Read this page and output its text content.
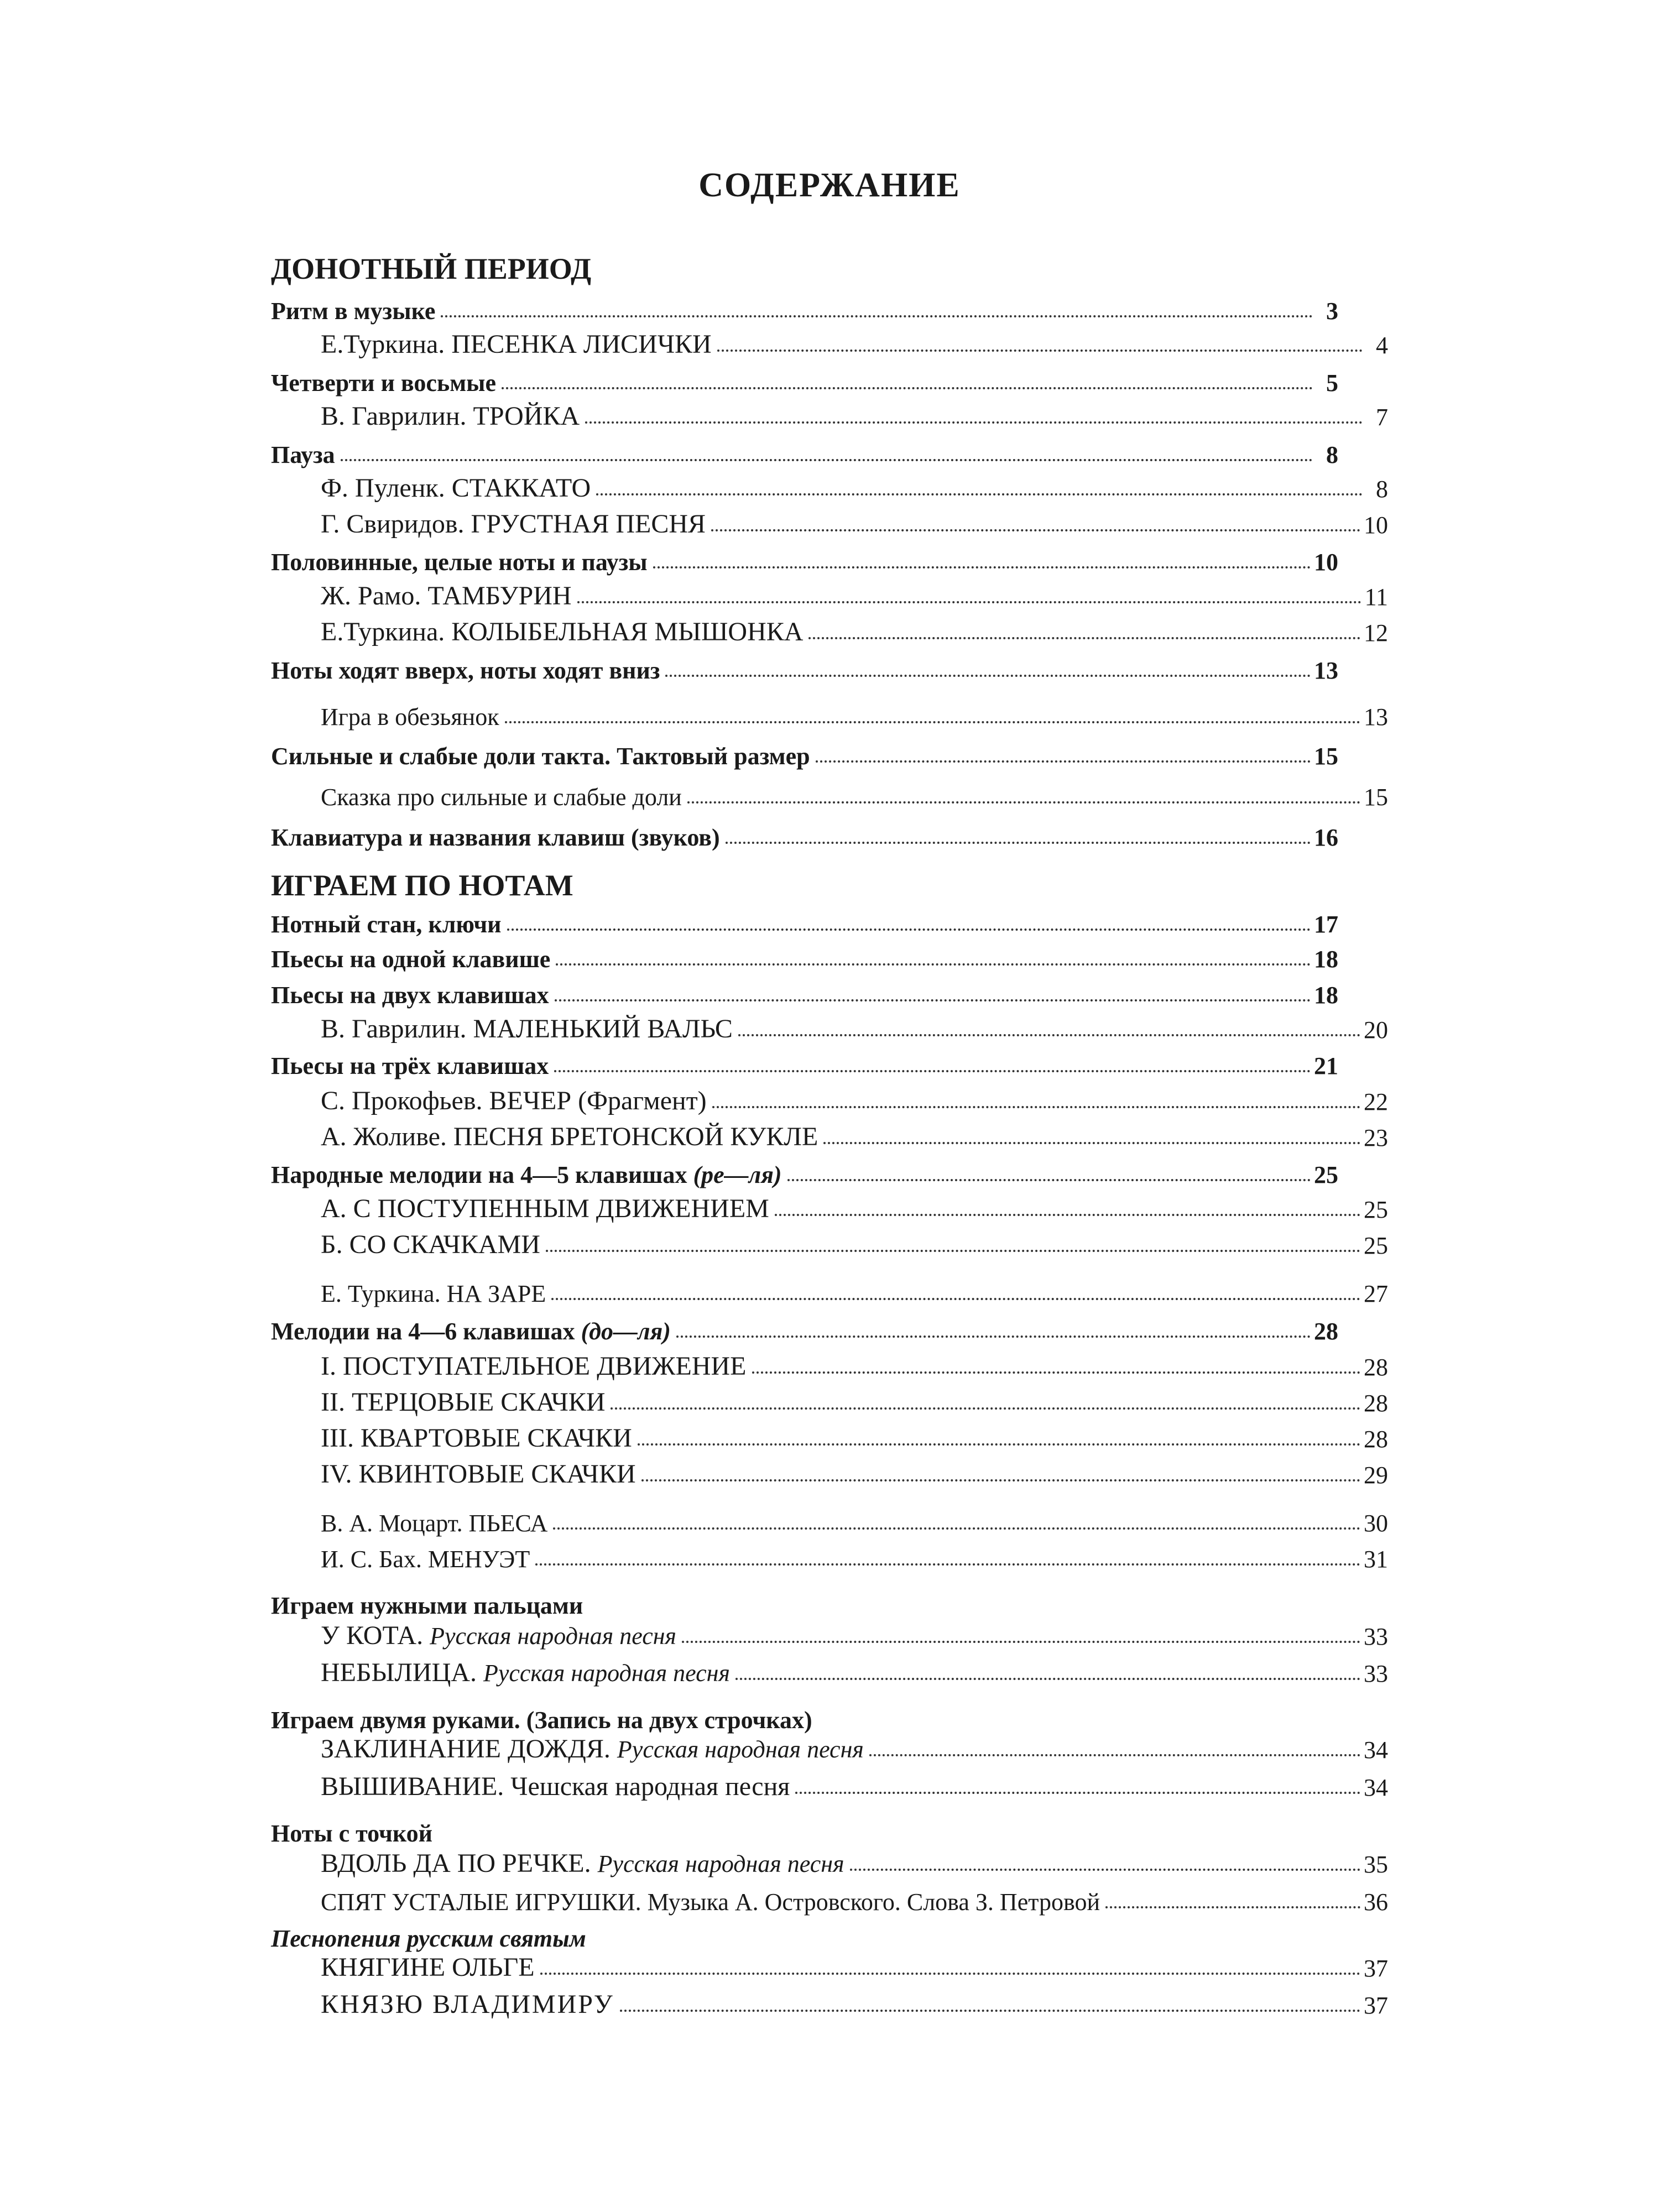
СОДЕРЖАНИЕ
ДОНОТНЫЙ ПЕРИОД
Ритм в музыке	3
Е.Туркина. ПЕСЕНКА ЛИСИЧКИ	4
Четверти и восьмые	5
В. Гаврилин. ТРОЙКА	7
Пауза	8
Ф. Пуленк. СТАККАТО	8
Г. Свиридов. ГРУСТНАЯ ПЕСНЯ	10
Половинные, целые ноты и паузы	10
Ж. Рамо. ТАМБУРИН	11
Е.Туркина. КОЛЫБЕЛЬНАЯ МЫШОНКА	12
Ноты ходят вверх, ноты ходят вниз	13
Игра в обезьянок	13
Сильные и слабые доли такта. Тактовый размер	15
Сказка про сильные и слабые доли	15
Клавиатура и названия клавиш (звуков)	16
ИГРАЕМ ПО НОТАМ
Нотный стан, ключи	17
Пьесы на одной клавише	18
Пьесы на двух клавишах	18
В. Гаврилин. МАЛЕНЬКИЙ ВАЛЬС	20
Пьесы на трёх клавишах	21
С. Прокофьев. ВЕЧЕР (Фрагмент)	22
А. Жоливе. ПЕСНЯ БРЕТОНСКОЙ КУКЛЕ	23
Народные мелодии на 4—5 клавишах (ре—ля)	25
А. С ПОСТУПЕННЫМ ДВИЖЕНИЕМ	25
Б. СО СКАЧКАМИ	25
Е. Туркина. НА ЗАРЕ	27
Мелодии на 4—6 клавишах (до—ля)	28
I. ПОСТУПАТЕЛЬНОЕ ДВИЖЕНИЕ	28
II. ТЕРЦОВЫЕ СКАЧКИ	28
III. КВАРТОВЫЕ СКАЧКИ	28
IV. КВИНТОВЫЕ СКАЧКИ	29
В. А. Моцарт. ПЬЕСА	30
И. С. Бах. МЕНУЭТ	31
Играем нужными пальцами
У КОТА. Русская народная песня	33
НЕБЫЛИЦА. Русская народная песня	33
Играем двумя руками. (Запись на двух строчках)
ЗАКЛИНАНИЕ ДОЖДЯ. Русская народная песня	34
ВЫШИВАНИЕ. Чешская народная песня	34
Ноты с точкой
ВДОЛЬ ДА ПО РЕЧКЕ. Русская народная песня	35
СПЯТ УСТАЛЫЕ ИГРУШКИ. Музыка А. Островского. Слова З. Петровой	36
Песнопения русским святым
КНЯГИНЕ ОЛЬГЕ	37
КНЯЗЮ ВЛАДИМИРУ	37
